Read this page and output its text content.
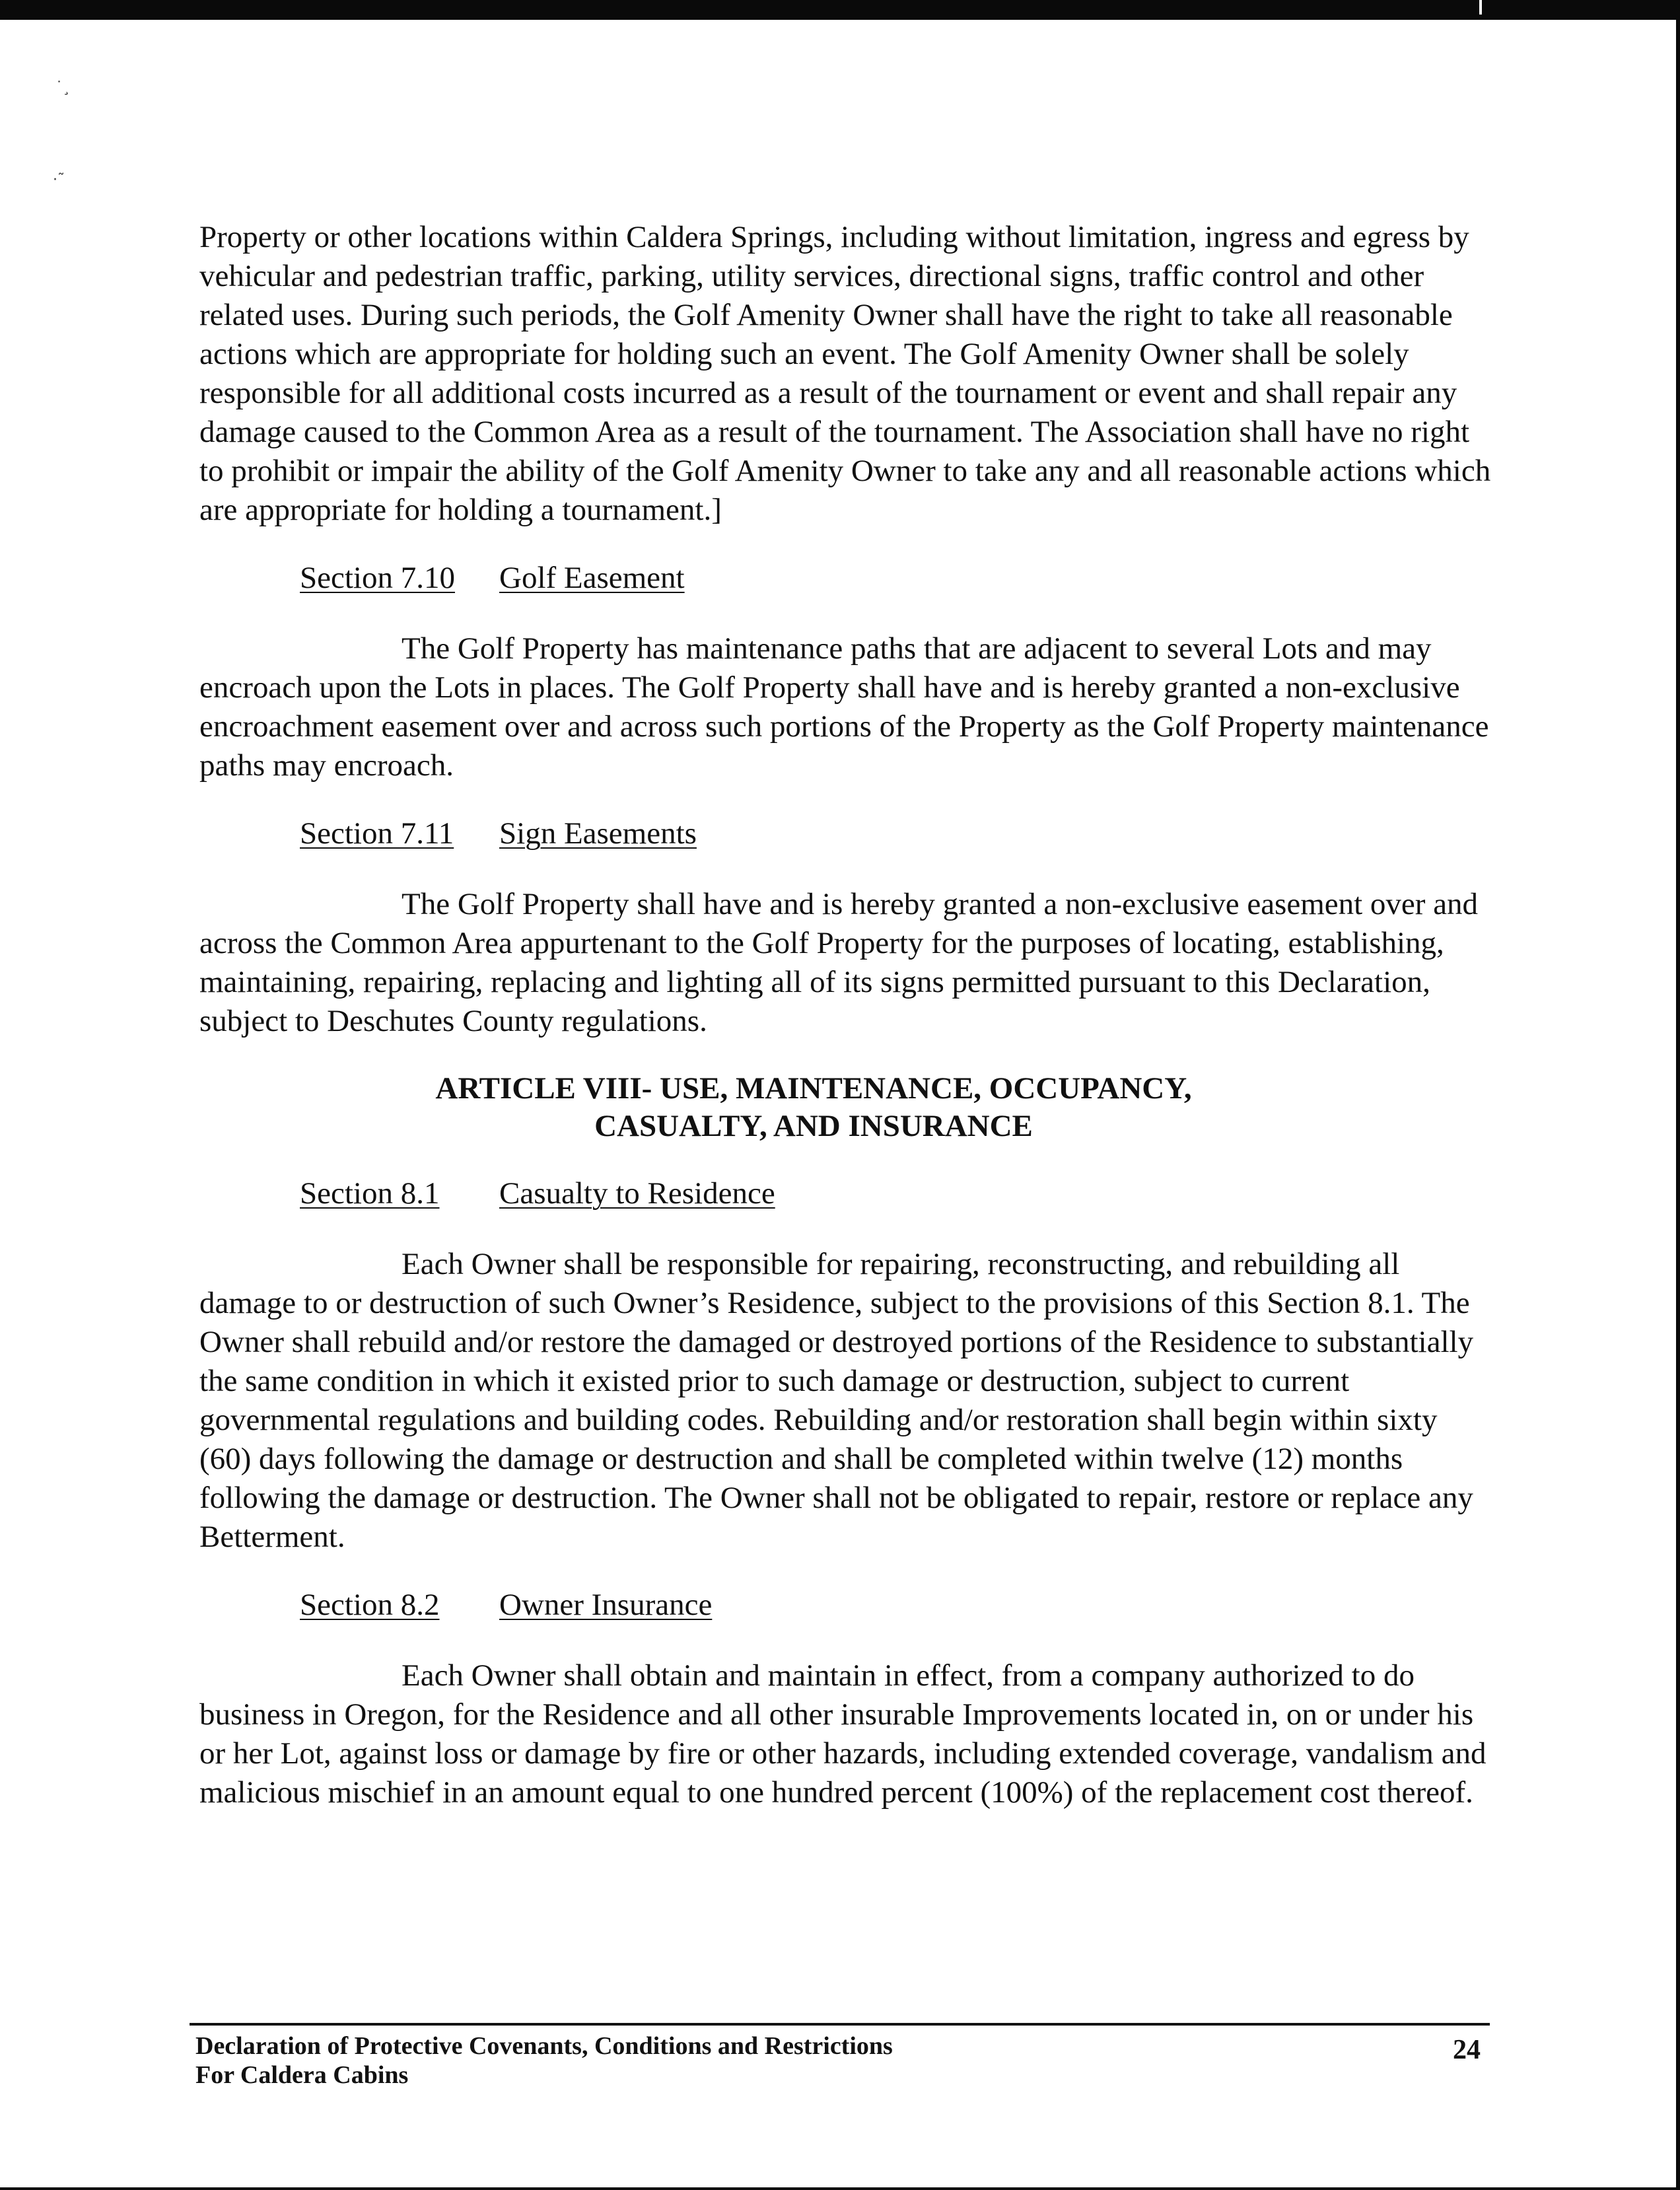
˙¸
·˜

Property or other locations within Caldera Springs, including without limitation, ingress and egress by vehicular and pedestrian traffic, parking, utility services, directional signs, traffic control and other related uses. During such periods, the Golf Amenity Owner shall have the right to take all reasonable actions which are appropriate for holding such an event. The Golf Amenity Owner shall be solely responsible for all additional costs incurred as a result of the tournament or event and shall repair any damage caused to the Common Area as a result of the tournament. The Association shall have no right to prohibit or impair the ability of the Golf Amenity Owner to take any and all reasonable actions which are appropriate for holding a tournament.]

Section 7.10 Golf Easement

The Golf Property has maintenance paths that are adjacent to several Lots and may encroach upon the Lots in places. The Golf Property shall have and is hereby granted a non-exclusive encroachment easement over and across such portions of the Property as the Golf Property maintenance paths may encroach.

Section 7.11 Sign Easements

The Golf Property shall have and is hereby granted a non-exclusive easement over and across the Common Area appurtenant to the Golf Property for the purposes of locating, establishing, maintaining, repairing, replacing and lighting all of its signs permitted pursuant to this Declaration, subject to Deschutes County regulations.

ARTICLE VIII- USE, MAINTENANCE, OCCUPANCY,
CASUALTY, AND INSURANCE
Section 8.1 Casualty to Residence

Each Owner shall be responsible for repairing, reconstructing, and rebuilding all damage to or destruction of such Owner’s Residence, subject to the provisions of this Section 8.1. The Owner shall rebuild and/or restore the damaged or destroyed portions of the Residence to substantially the same condition in which it existed prior to such damage or destruction, subject to current governmental regulations and building codes. Rebuilding and/or restoration shall begin within sixty (60) days following the damage or destruction and shall be completed within twelve (12) months following the damage or destruction. The Owner shall not be obligated to repair, restore or replace any Betterment.

Section 8.2 Owner Insurance

Each Owner shall obtain and maintain in effect, from a company authorized to do business in Oregon, for the Residence and all other insurable Improvements located in, on or under his or her Lot, against loss or damage by fire or other hazards, including extended coverage, vandalism and malicious mischief in an amount equal to one hundred percent (100%) of the replacement cost thereof.

Declaration of Protective Covenants, Conditions and Restrictions
For Caldera Cabins
24
